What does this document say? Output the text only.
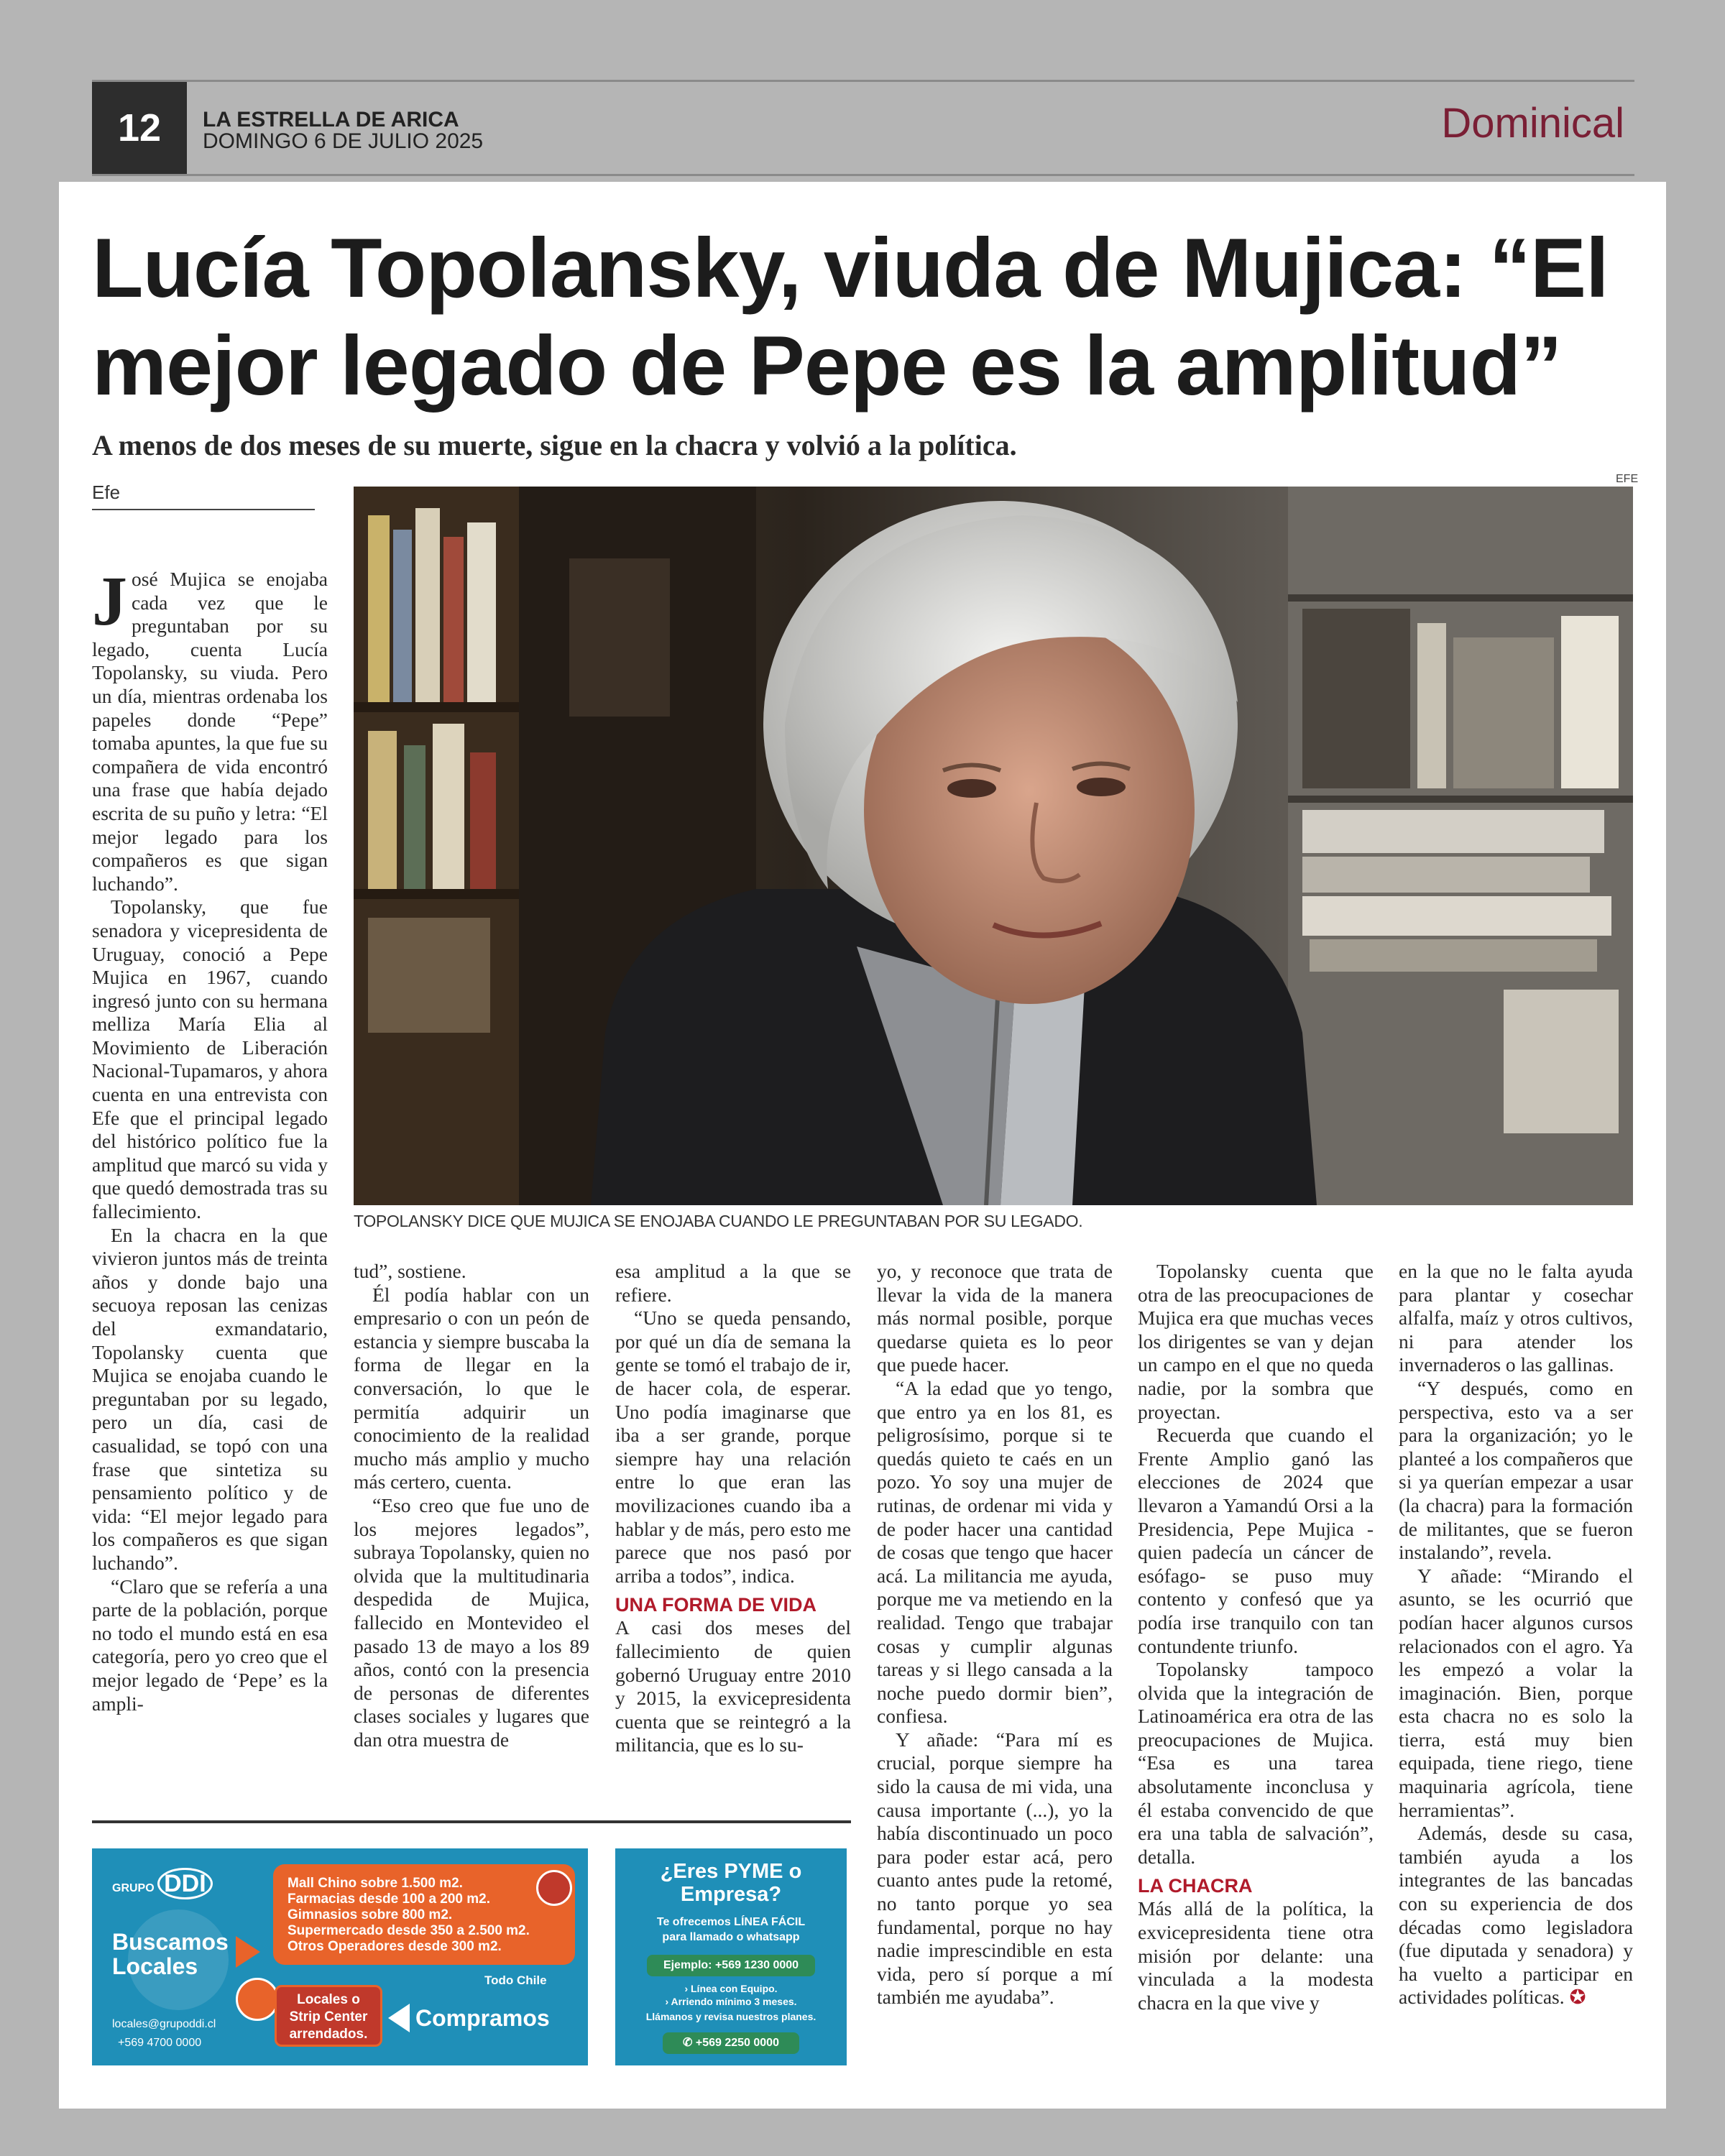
12	LA ESTRELLA DE ARICA
DOMINGO 6 DE JULIO 2025	Dominical
Lucía Topolansky, viuda de Mujica: “El mejor legado de Pepe es la amplitud”

A menos de dos meses de su muerte, sigue en la chacra y volvió a la política.

Efe
EFE
TOPOLANSKY DICE QUE MUJICA SE ENOJABA CUANDO LE PREGUNTABAN POR SU LEGADO.

José Mujica se enojaba cada vez que le preguntaban por su legado, cuenta Lucía Topolansky, su viuda. Pero un día, mientras ordenaba los papeles donde “Pepe” tomaba apuntes, la que fue su compañera de vida encontró una frase que había dejado escrita de su puño y letra: “El mejor legado para los compañeros es que sigan luchando”.

Topolansky, que fue senadora y vicepresidenta de Uruguay, conoció a Pepe Mujica en 1967, cuando ingresó junto con su hermana melliza María Elia al Movimiento de Liberación Nacional-Tupamaros, y ahora cuenta en una entrevista con Efe que el principal legado del histórico político fue la amplitud que marcó su vida y que quedó demostrada tras su fallecimiento.

En la chacra en la que vivieron juntos más de treinta años y donde bajo una secuoya reposan las cenizas del exmandatario, Topolansky cuenta que Mujica se enojaba cuando le preguntaban por su legado, pero un día, casi de casualidad, se topó con una frase que sintetiza su pensamiento político y de vida: “El mejor legado para los compañeros es que sigan luchando”.

“Claro que se refería a una parte de la población, porque no todo el mundo está en esa categoría, pero yo creo que el mejor legado de ‘Pepe’ es la ampli-

tud”, sostiene.

Él podía hablar con un empresario o con un peón de estancia y siempre buscaba la forma de llegar en la conversación, lo que le permitía adquirir un conocimiento de la realidad mucho más amplio y mucho más certero, cuenta.

“Eso creo que fue uno de los mejores legados”, subraya Topolansky, quien no olvida que la multitudinaria despedida de Mujica, fallecido en Montevideo el pasado 13 de mayo a los 89 años, contó con la presencia de personas de diferentes clases sociales y lugares que dan otra muestra de

esa amplitud a la que se refiere.

“Uno se queda pensando, por qué un día de semana la gente se tomó el trabajo de ir, de hacer cola, de esperar. Uno podía imaginarse que iba a ser grande, porque siempre hay una relación entre lo que eran las movilizaciones cuando iba a hablar y de más, pero esto me parece que nos pasó por arriba a todos”, indica.

UNA FORMA DE VIDA

A casi dos meses del fallecimiento de quien gobernó Uruguay entre 2010 y 2015, la exvicepresidenta cuenta que se reintegró a la militancia, que es lo su-

yo, y reconoce que trata de llevar la vida de la manera más normal posible, porque quedarse quieta es lo peor que puede hacer.

“A la edad que yo tengo, que entro ya en los 81, es peligrosísimo, porque si te quedás quieto te caés en un pozo. Yo soy una mujer de rutinas, de ordenar mi vida y de poder hacer una cantidad de cosas que tengo que hacer acá. La militancia me ayuda, porque me va metiendo en la realidad. Tengo que trabajar cosas y cumplir algunas tareas y si llego cansada a la noche puedo dormir bien”, confiesa.

Y añade: “Para mí es crucial, porque siempre ha sido la causa de mi vida, una causa importante (...), yo la había discontinuado un poco para poder estar acá, pero cuanto antes pude la retomé, no tanto porque yo sea fundamental, porque no hay nadie imprescindible en esta vida, pero sí porque a mí también me ayudaba”.

Topolansky cuenta que otra de las preocupaciones de Mujica era que muchas veces los dirigentes se van y dejan un campo en el que no queda nadie, por la sombra que proyectan.

Recuerda que cuando el Frente Amplio ganó las elecciones de 2024 que llevaron a Yamandú Orsi a la Presidencia, Pepe Mujica -quien padecía un cáncer de esófago- se puso muy contento y confesó que ya podía irse tranquilo con tan contundente triunfo.

Topolansky tampoco olvida que la integración de Latinoamérica era otra de las preocupaciones de Mujica. “Esa es una tarea absolutamente inconclusa y él estaba convencido de que era una tabla de salvación”, detalla.

LA CHACRA

Más allá de la política, la exvicepresidenta tiene otra misión por delante: una vinculada a la modesta chacra en la que vive y

en la que no le falta ayuda para plantar y cosechar alfalfa, maíz y otros cultivos, ni para atender los invernaderos o las gallinas.

“Y después, como en perspectiva, esto va a ser para la organización; yo le planteé a los compañeros que si ya querían empezar a usar (la chacra) para la formación de militantes, que se fueron instalando”, revela.

Y añade: “Mirando el asunto, se les ocurrió que podían hacer algunos cursos relacionados con el agro. Ya les empezó a volar la imaginación. Bien, porque esta chacra no es solo la tierra, está muy bien equipada, tiene riego, tiene maquinaria agrícola, tiene herramientas”.

Además, desde su casa, también ayuda a los integrantes de las bancadas con su experiencia de dos décadas como legisladora (fue diputada y senadora) y ha vuelto a participar en actividades políticas. ✪

GRUPO DDI
Buscamos
Locales
Mall Chino sobre 1.500 m2.
Farmacias desde 100 a 200 m2.
Gimnasios sobre 800 m2.
Supermercado desde 350 a 2.500 m2.
Otros Operadores desde 300 m2.
Todo Chile
Locales o
Strip Center
arrendados.
Compramos
locales@grupoddi.cl
+569 4700 0000
¿Eres PYME o
Empresa?
Te ofrecemos LÍNEA FÁCIL
para llamado o whatsapp
Ejemplo: +569 1230 0000
› Línea con Equipo.
› Arriendo mínimo 3 meses.
Llámanos y revisa nuestros planes.
✆ +569 2250 0000
